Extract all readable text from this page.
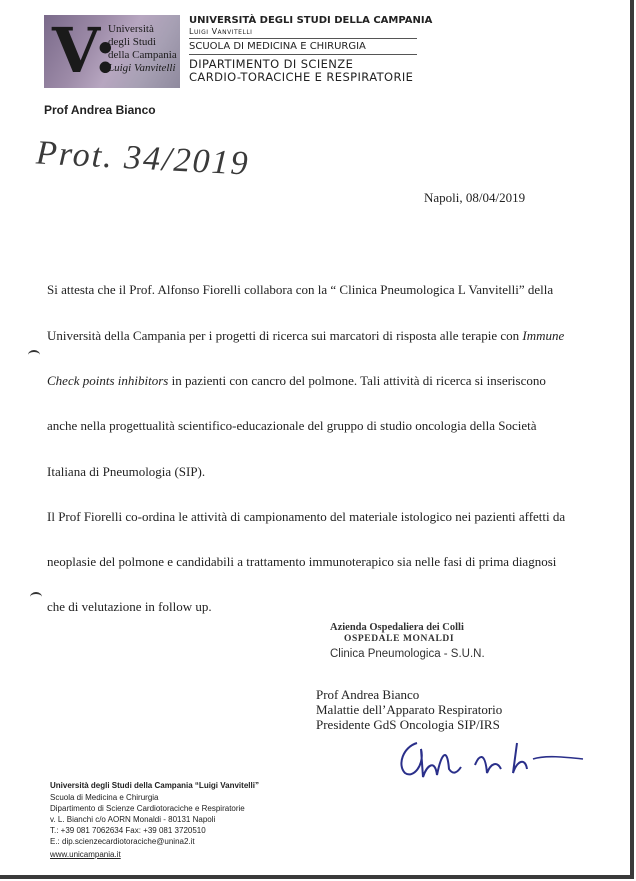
V:
Università
degli Studi
della Campania
Luigi Vanvitelli
UNIVERSITÀ DEGLI STUDI DELLA CAMPANIA
Luigi Vanvitelli
SCUOLA DI MEDICINA E CHIRURGIA
DIPARTIMENTO DI SCIENZE
CARDIO-TORACICHE E RESPIRATORIE
Prof Andrea Bianco
Prot. 34/2019
Napoli, 08/04/2019
Si attesta che il Prof. Alfonso Fiorelli collabora con la “ Clinica Pneumologica L Vanvitelli” della
Università della Campania per i progetti di ricerca sui marcatori di risposta alle terapie con Immune
Check points inhibitors in pazienti con cancro del polmone. Tali attività di ricerca si inseriscono
anche nella progettualità scientifico-educazionale del gruppo di studio oncologia della Società
Italiana di Pneumologia (SIP).
Il Prof Fiorelli co-ordina le attività di campionamento del materiale istologico nei pazienti affetti da
neoplasie del polmone e candidabili a trattamento immunoterapico sia nelle fasi di prima diagnosi
che di velutazione in follow up.
Azienda Ospedaliera dei Colli
OSPEDALE MONALDI
Clinica Pneumologica - S.U.N.
Prof Andrea Bianco
Malattie dell’Apparato Respiratorio
Presidente GdS Oncologia SIP/IRS
Università degli Studi della Campania “Luigi Vanvitelli”
Scuola di Medicina e Chirurgia
Dipartimento di Scienze Cardiotoraciche e Respiratorie
v. L. Bianchi c/o AORN Monaldi - 80131 Napoli
T.: +39 081 7062634 Fax: +39 081 3720510
E.: dip.scienzecardiotoraciche@unina2.it
www.unicampania.it
